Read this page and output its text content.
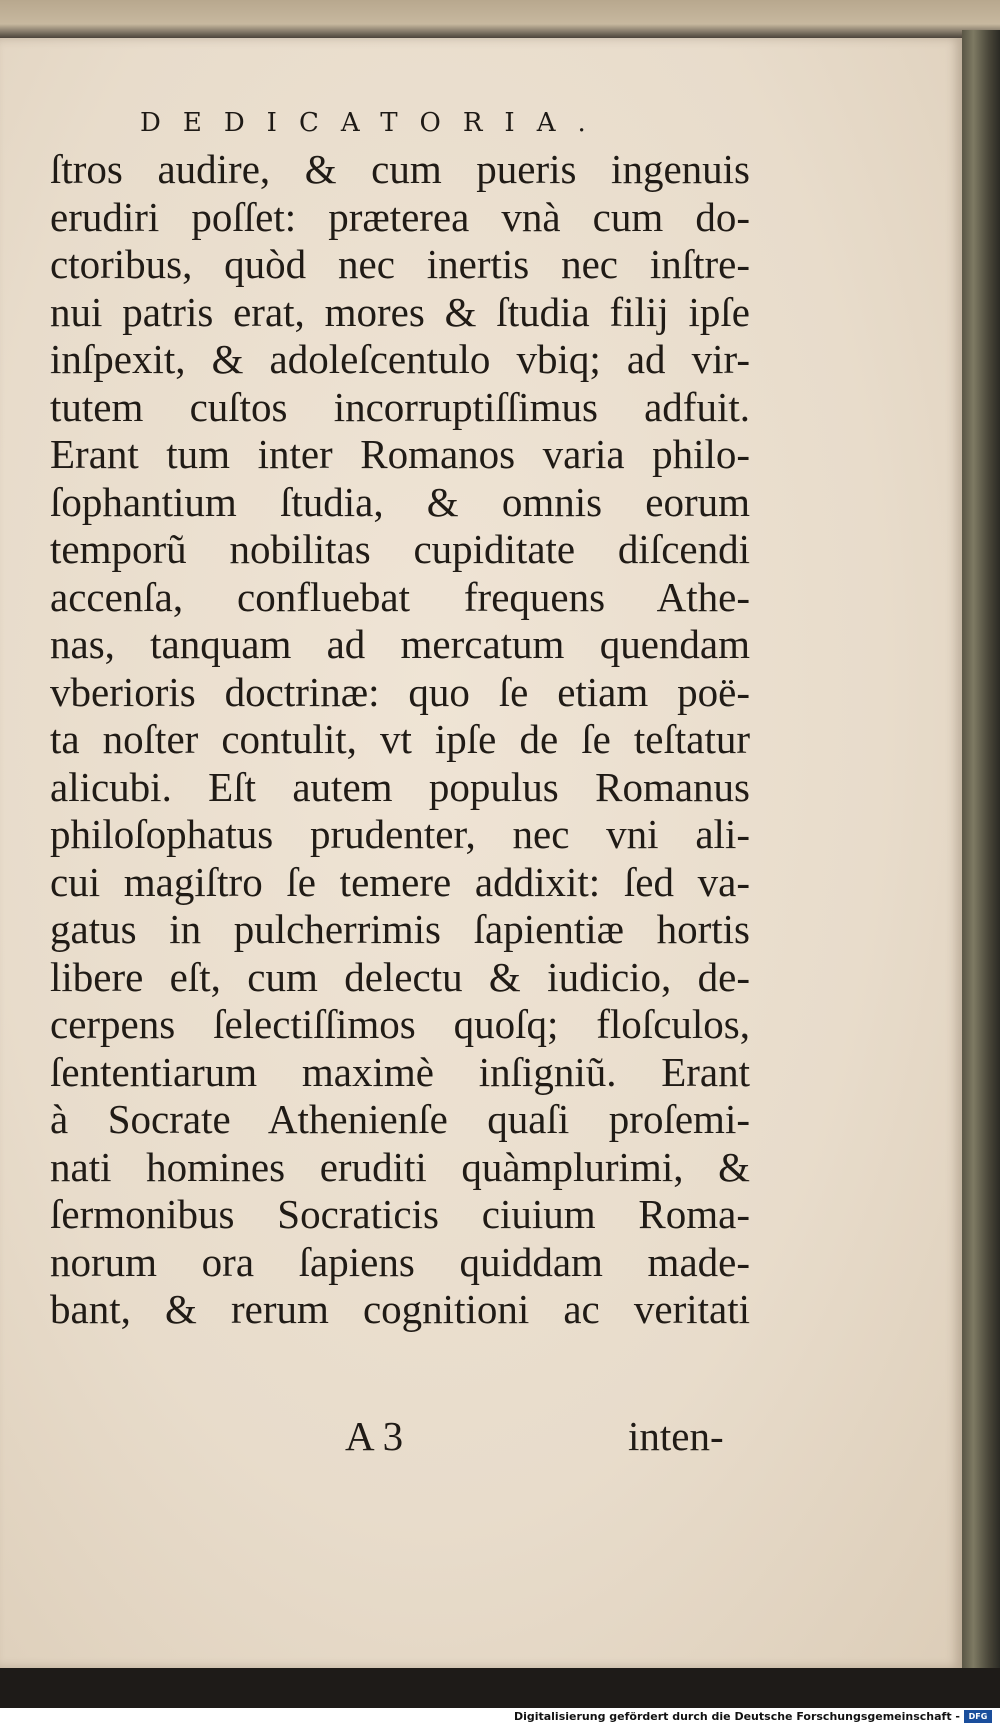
DEDICATORIA.
ſtros audire, & cum pueris ingenuis
erudiri poſſet: præterea vnà cum do-
ctoribus, quòd nec inertis nec inſtre-
nui patris erat, mores & ſtudia filij ipſe
inſpexit, & adoleſcentulo vbiq; ad vir-
tutem cuſtos incorruptiſſimus adfuit.
Erant tum inter Romanos varia philo-
ſophantium ſtudia, & omnis eorum
temporũ nobilitas cupiditate diſcendi
accenſa, confluebat frequens Athe-
nas, tanquam ad mercatum quendam
vberioris doctrinæ: quo ſe etiam poë-
ta noſter contulit, vt ipſe de ſe teſtatur
alicubi. Eſt autem populus Romanus
philoſophatus prudenter, nec vni ali-
cui magiſtro ſe temere addixit: ſed va-
gatus in pulcherrimis ſapientiæ hortis
libere eſt, cum delectu & iudicio, de-
cerpens ſelectiſſimos quoſq; floſculos,
ſententiarum maximè inſigniũ. Erant
à Socrate Athenienſe quaſi proſemi-
nati homines eruditi quàmplurimi, &
ſermonibus Socraticis ciuium Roma-
norum ora ſapiens quiddam made-
bant, & rerum cognitioni ac veritati
A 3	inten-
Digitalisierung gefördert durch die Deutsche Forschungsgemeinschaft -	DFG
